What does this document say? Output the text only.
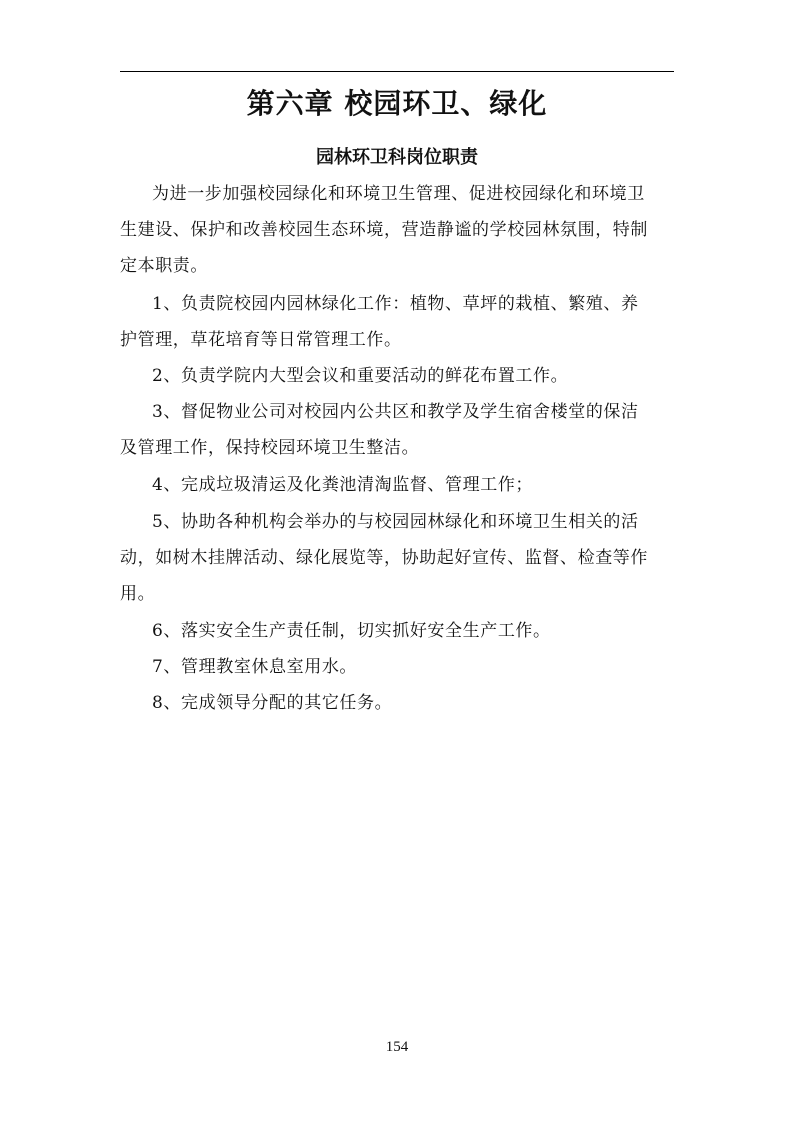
第六章 校园环卫、绿化
园林环卫科岗位职责
为进一步加强校园绿化和环境卫生管理、促进校园绿化和环境卫
生建设、保护和改善校园生态环境，营造静谧的学校园林氛围，特制
定本职责。
1、负责院校园内园林绿化工作：植物、草坪的栽植、繁殖、养
护管理，草花培育等日常管理工作。
2、负责学院内大型会议和重要活动的鲜花布置工作。
3、督促物业公司对校园内公共区和教学及学生宿舍楼堂的保洁
及管理工作，保持校园环境卫生整洁。
4、完成垃圾清运及化粪池清淘监督、管理工作；
5、协助各种机构会举办的与校园园林绿化和环境卫生相关的活
动，如树木挂牌活动、绿化展览等，协助起好宣传、监督、检查等作
用。
6、落实安全生产责任制，切实抓好安全生产工作。
7、管理教室休息室用水。
8、完成领导分配的其它任务。
154
